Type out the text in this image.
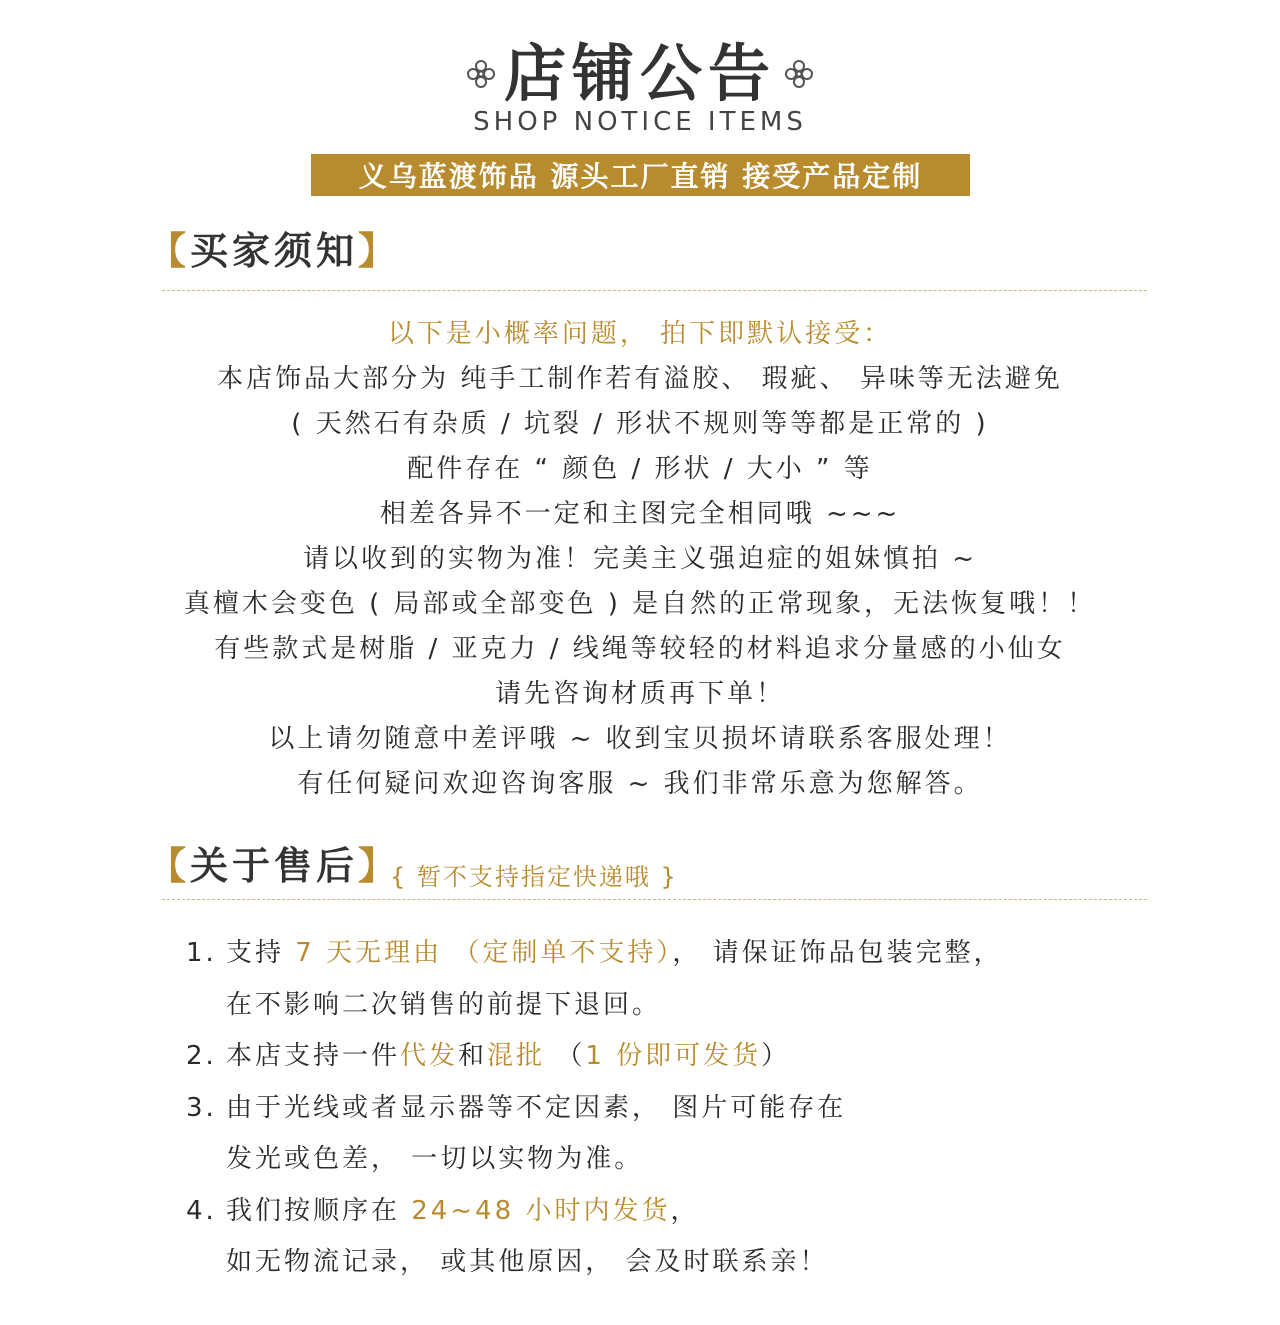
店铺公告
SHOP NOTICE ITEMS
义乌蓝渡饰品 源头工厂直销 接受产品定制
【买家须知】
以下是小概率问题， 拍下即默认接受：
本店饰品大部分为 纯手工制作若有溢胶、 瑕疵、 异味等无法避免
( 天然石有杂质 / 坑裂 / 形状不规则等等都是正常的 )
配件存在 “ 颜色 / 形状 / 大小 ” 等
相差各异不一定和主图完全相同哦 ~~~
请以收到的实物为准！完美主义强迫症的姐妹慎拍 ~
真檀木会变色 ( 局部或全部变色 ) 是自然的正常现象，无法恢复哦！！
有些款式是树脂 / 亚克力 / 线绳等较轻的材料追求分量感的小仙女
请先咨询材质再下单！
以上请勿随意中差评哦 ~ 收到宝贝损坏请联系客服处理！
有任何疑问欢迎咨询客服 ~ 我们非常乐意为您解答。
【关于售后】
{ 暂不支持指定快递哦 }
1. 支持 7 天无理由 （定制单不支持）， 请保证饰品包装完整，
在不影响二次销售的前提下退回。
2. 本店支持一件代发和混批 （1 份即可发货）
3. 由于光线或者显示器等不定因素， 图片可能存在
发光或色差， 一切以实物为准。
4. 我们按顺序在 24~48 小时内发货，
如无物流记录， 或其他原因， 会及时联系亲！
